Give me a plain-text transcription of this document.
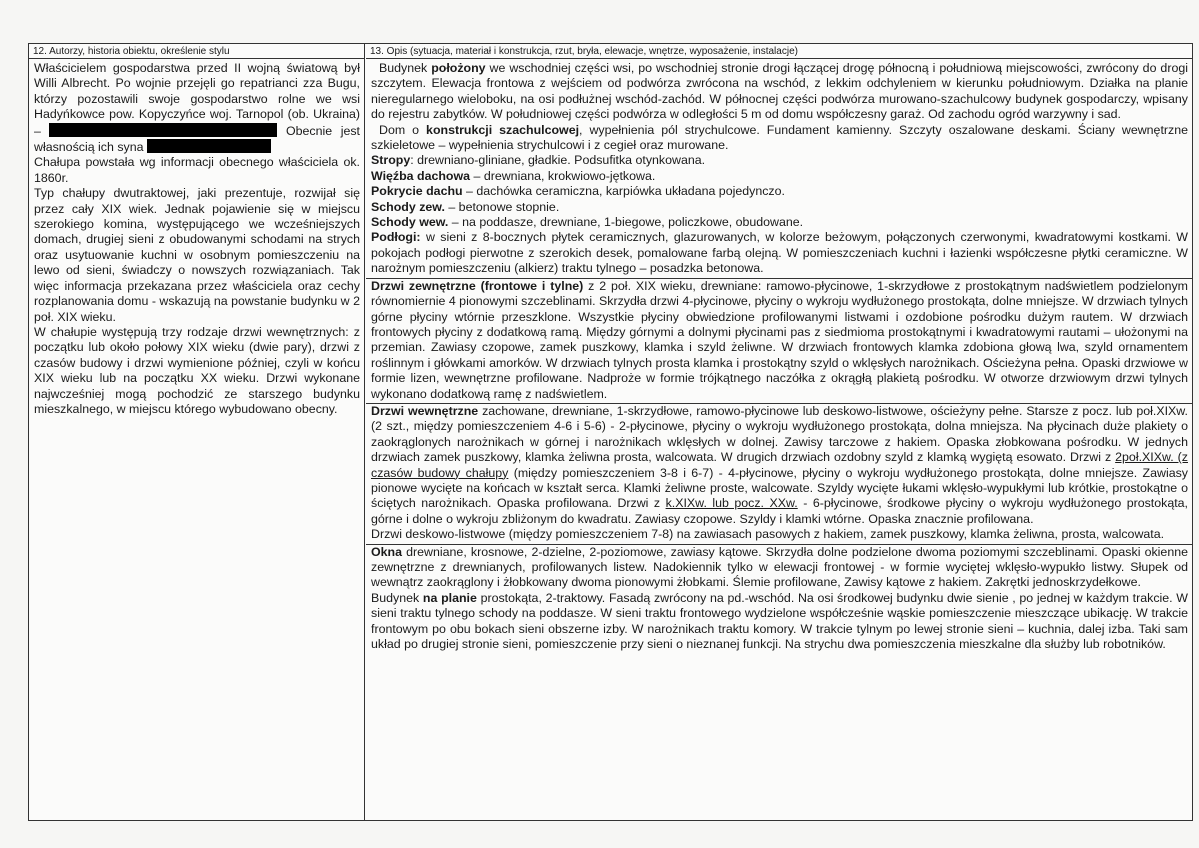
12. Autorzy, historia obiektu, określenie stylu

Właścicielem gospodarstwa przed II wojną światową był Willi Albrecht. Po wojnie przejęli go repatrianci zza Bugu, którzy pozostawili swoje gospodarstwo rolne we wsi Hadyńkowce pow. Kopyczyńce woj. Tarnopol (ob. Ukraina) –	Obecnie jest własnością ich syna

Chałupa powstała wg informacji obecnego właściciela ok. 1860r.

Typ chałupy dwutraktowej, jaki prezentuje, rozwijał się przez cały XIX wiek. Jednak pojawienie się w miejscu szerokiego komina, występującego we wcześniejszych domach, drugiej sieni z obudowanymi schodami na strych oraz usytuowanie kuchni w osobnym pomieszczeniu na lewo od sieni, świadczy o nowszych rozwiązaniach. Tak więc informacja przekazana przez właściciela oraz cechy rozplanowania domu - wskazują na powstanie budynku w 2 poł. XIX wieku.

W chałupie występują trzy rodzaje drzwi wewnętrznych: z początku lub około połowy XIX wieku (dwie pary), drzwi z czasów budowy i drzwi wymienione później, czyli w końcu XIX wieku lub na początku XX wieku. Drzwi wykonane najwcześniej mogą pochodzić ze starszego budynku mieszkalnego, w miejscu którego wybudowano obecny.

13. Opis (sytuacja, materiał i konstrukcja, rzut, bryła, elewacje, wnętrze, wyposażenie, instalacje)

Budynek położony we wschodniej części wsi, po wschodniej stronie drogi łączącej drogę północną i południową miejscowości, zwrócony do drogi szczytem. Elewacja frontowa z wejściem od podwórza zwrócona na wschód, z lekkim odchyleniem w kierunku południowym. Działka na planie nieregularnego wieloboku, na osi podłużnej wschód-zachód. W północnej części podwórza murowano-szachulcowy budynek gospodarczy, wpisany do rejestru zabytków. W południowej części podwórza w odległości 5 m od domu współczesny garaż. Od zachodu ogród warzywny i sad.

Dom o konstrukcji szachulcowej, wypełnienia pól strychulcowe. Fundament kamienny. Szczyty oszalowane deskami. Ściany wewnętrzne szkieletowe – wypełnienia strychulcowi i z cegieł oraz murowane.

Stropy: drewniano-gliniane, gładkie. Podsufitka otynkowana.

Więźba dachowa – drewniana, krokwiowo-jętkowa.

Pokrycie dachu – dachówka ceramiczna, karpiówka układana pojedynczo.

Schody zew. – betonowe stopnie.

Schody wew. – na poddasze, drewniane, 1-biegowe, policzkowe, obudowane.

Podłogi: w sieni z 8-bocznych płytek ceramicznych, glazurowanych, w kolorze beżowym, połączonych czerwonymi, kwadratowymi kostkami. W pokojach podłogi pierwotne z szerokich desek, pomalowane farbą olejną. W pomieszczeniach kuchni i łazienki współczesne płytki ceramiczne. W narożnym pomieszczeniu (alkierz) traktu tylnego – posadzka betonowa.

Drzwi zewnętrzne (frontowe i tylne) z 2 poł. XIX wieku, drewniane: ramowo-płycinowe, 1-skrzydłowe z prostokątnym nadświetlem podzielonym równomiernie 4 pionowymi szczeblinami. Skrzydła drzwi 4-płycinowe, płyciny o wykroju wydłużonego prostokąta, dolne mniejsze. W drzwiach tylnych górne płyciny wtórnie przeszklone. Wszystkie płyciny obwiedzione profilowanymi listwami i ozdobione pośrodku dużym rautem. W drzwiach frontowych płyciny z dodatkową ramą. Między górnymi a dolnymi płycinami pas z siedmioma prostokątnymi i kwadratowymi rautami – ułożonymi na przemian. Zawiasy czopowe, zamek puszkowy, klamka i szyld żeliwne. W drzwiach frontowych klamka zdobiona głową lwa, szyld ornamentem roślinnym i główkami amorków. W drzwiach tylnych prosta klamka i prostokątny szyld o wklęsłych narożnikach. Ościeżyna pełna. Opaski drzwiowe w formie lizen, wewnętrzne profilowane. Nadproże w formie trójkątnego naczółka z okrągłą plakietą pośrodku. W otworze drzwiowym drzwi tylnych wykonano dodatkową ramę z nadświetlem.

Drzwi wewnętrzne zachowane, drewniane, 1-skrzydłowe, ramowo-płycinowe lub deskowo-listwowe, ościeżyny pełne. Starsze z pocz. lub poł.XIXw. (2 szt., między pomieszczeniem 4-6 i 5-6) - 2-płycinowe, płyciny o wykroju wydłużonego prostokąta, dolna mniejsza. Na płycinach duże plakiety o zaokrąglonych narożnikach w górnej i narożnikach wklęsłych w dolnej. Zawisy tarczowe z hakiem. Opaska złobkowana pośrodku. W jednych drzwiach zamek puszkowy, klamka żeliwna prosta, walcowata. W drugich drzwiach ozdobny szyld z klamką wygiętą esowato. Drzwi z 2poł.XIXw. (z czasów budowy chałupy (między pomieszczeniem 3-8 i 6-7) - 4-płycinowe, płyciny o wykroju wydłużonego prostokąta, dolne mniejsze. Zawiasy pionowe wycięte na końcach w kształt serca. Klamki żeliwne proste, walcowate. Szyldy wycięte łukami wklęsło-wypukłymi lub krótkie, prostokątne o ściętych narożnikach. Opaska profilowana. Drzwi z k.XIXw. lub pocz. XXw. - 6-płycinowe, środkowe płyciny o wykroju wydłużonego prostokąta, górne i dolne o wykroju zbliżonym do kwadratu. Zawiasy czopowe. Szyldy i klamki wtórne. Opaska znacznie profilowana.

Drzwi deskowo-listwowe (między pomieszczeniem 7-8) na zawiasach pasowych z hakiem, zamek puszkowy, klamka żeliwna, prosta, walcowata.

Okna drewniane, krosnowe, 2-dzielne, 2-poziomowe, zawiasy kątowe. Skrzydła dolne podzielone dwoma poziomymi szczeblinami. Opaski okienne zewnętrzne z drewnianych, profilowanych listew. Nadokiennik tylko w elewacji frontowej - w formie wyciętej wklęsło-wypukło listwy. Słupek od wewnątrz zaokrąglony i żłobkowany dwoma pionowymi żłobkami. Ślemie profilowane, Zawisy kątowe z hakiem. Zakrętki jednoskrzydełkowe.

Budynek na planie prostokąta, 2-traktowy. Fasadą zwrócony na pd.-wschód. Na osi środkowej budynku dwie sienie , po jednej w każdym trakcie. W sieni traktu tylnego schody na poddasze. W sieni traktu frontowego wydzielone współcześnie wąskie pomieszczenie mieszczące ubikację. W trakcie frontowym po obu bokach sieni obszerne izby. W narożnikach traktu komory. W trakcie tylnym po lewej stronie sieni – kuchnia, dalej izba. Taki sam układ po drugiej stronie sieni, pomieszczenie przy sieni o nieznanej funkcji. Na strychu dwa pomieszczenia mieszkalne dla służby lub robotników.
